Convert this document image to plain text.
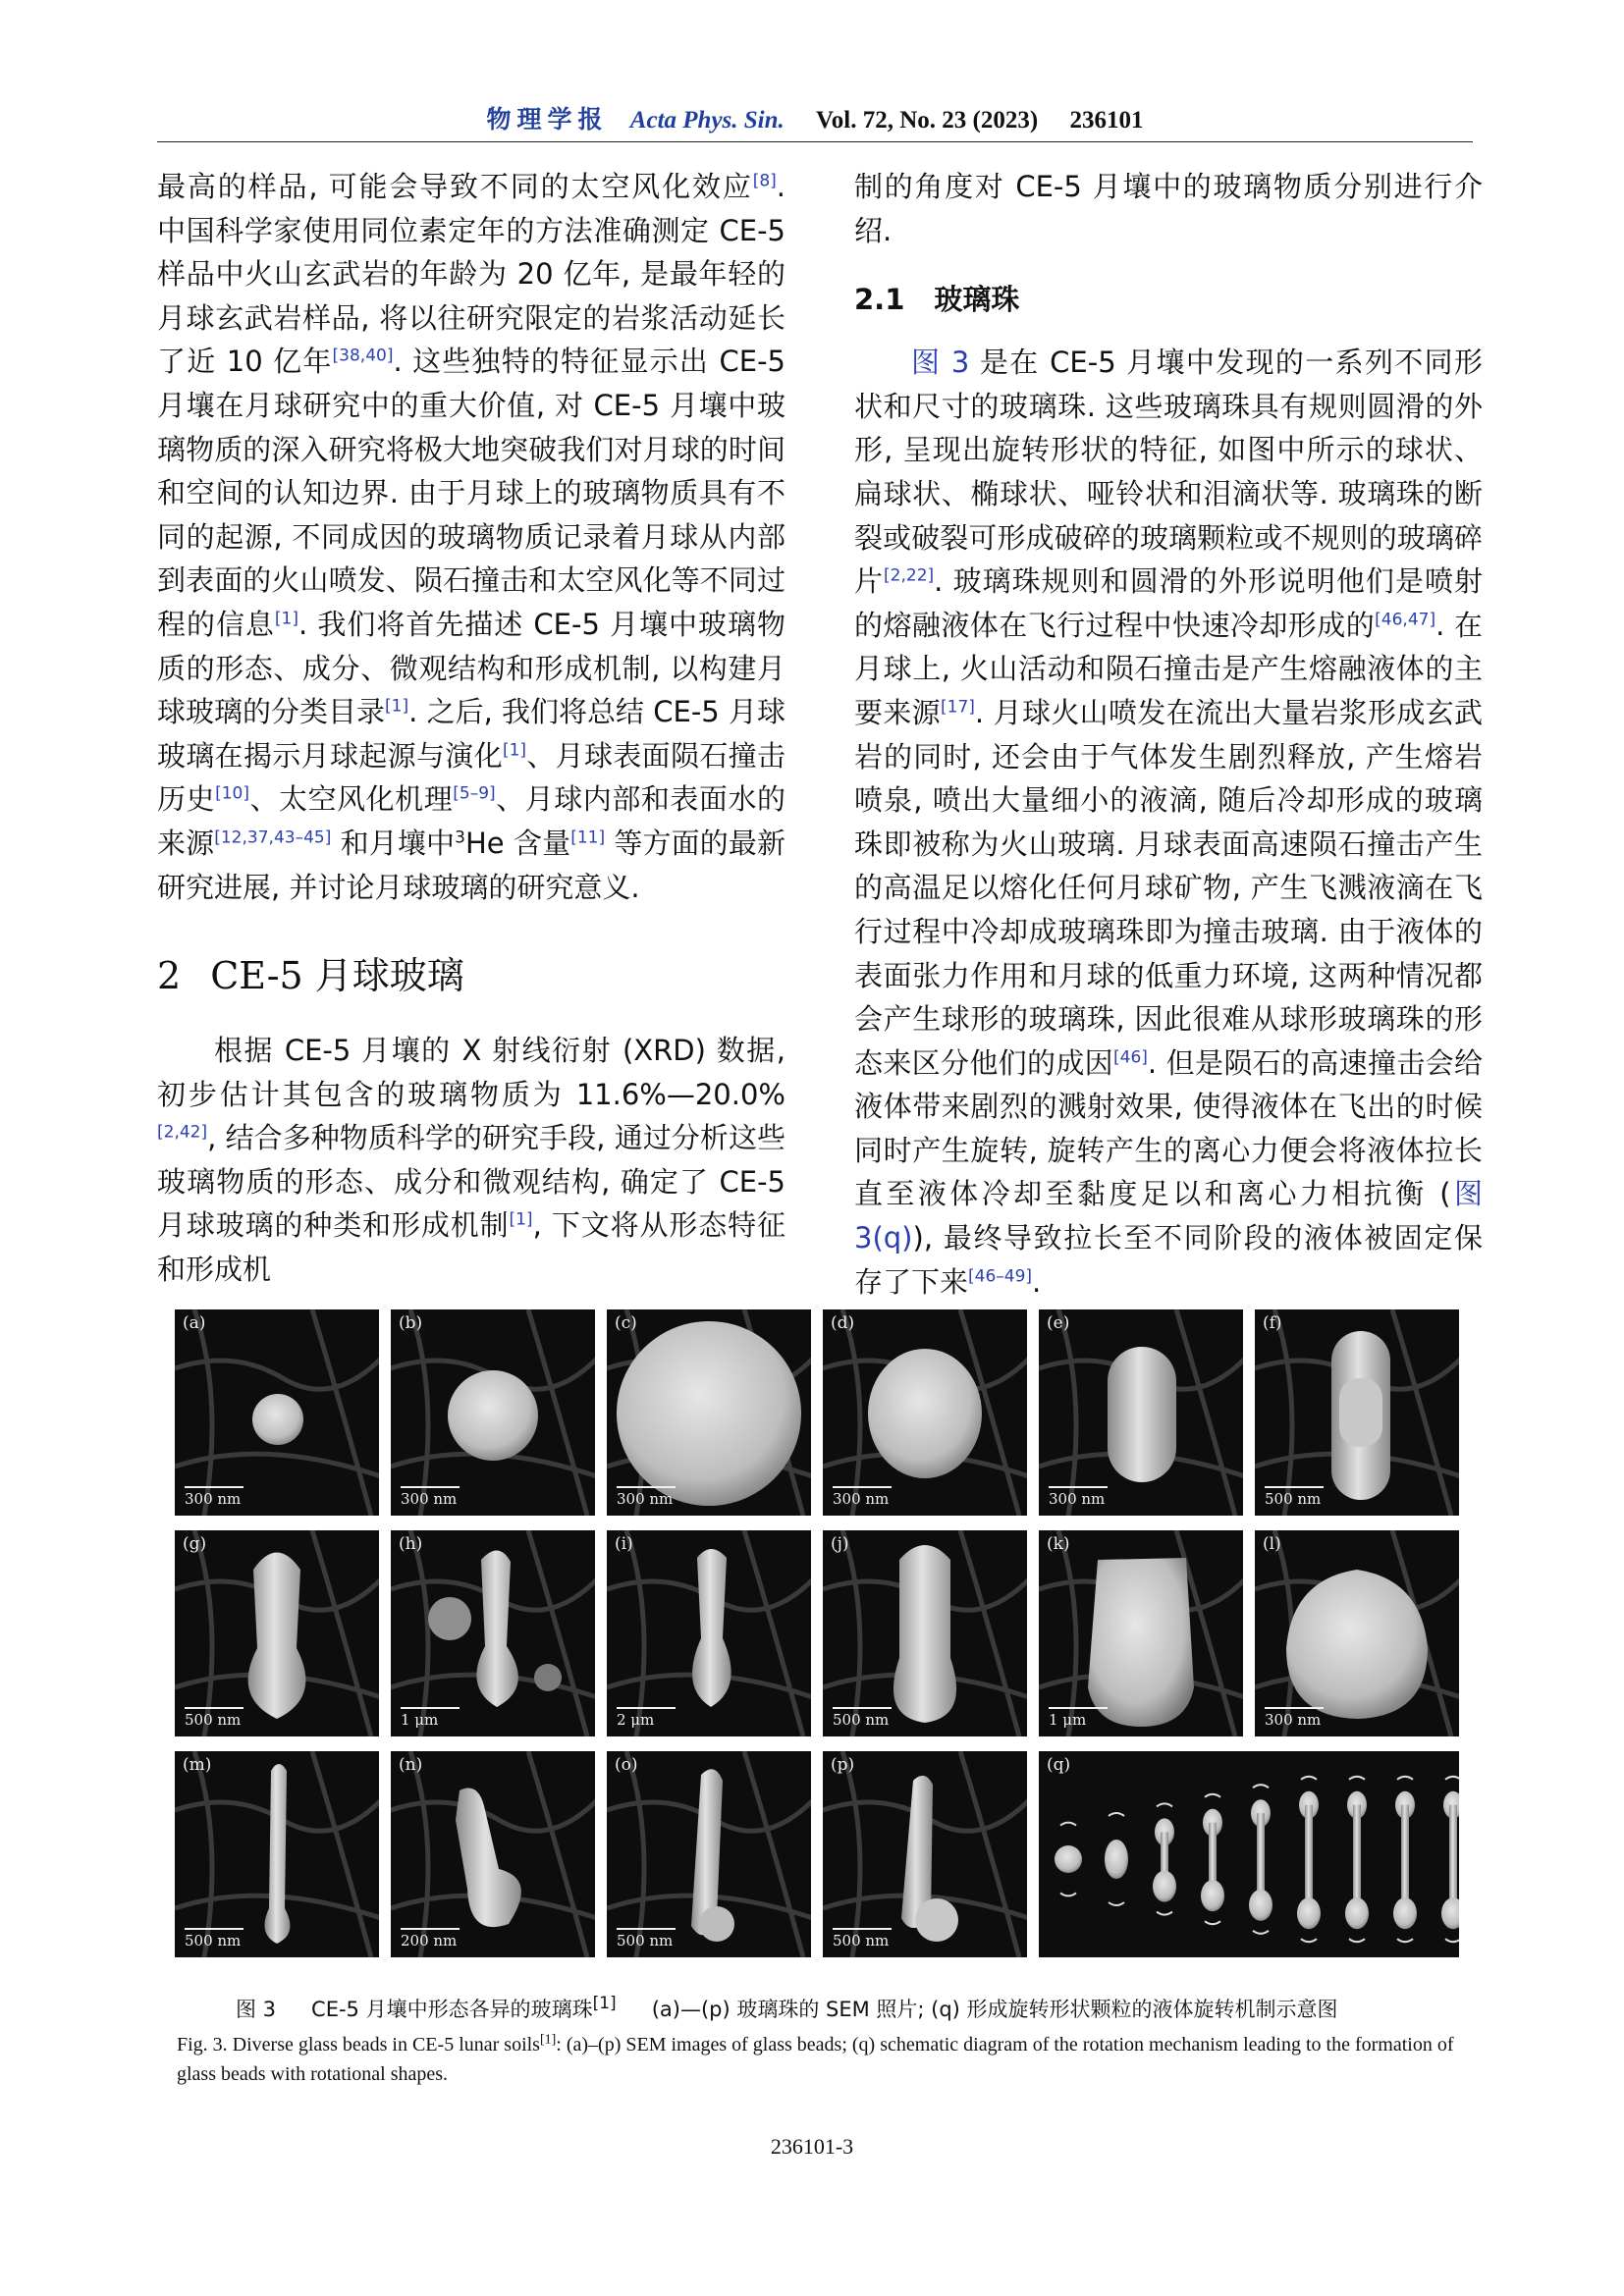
物理学报 Acta Phys. Sin. Vol. 72, No. 23 (2023) 236101

最高的样品, 可能会导致不同的太空风化效应[8]. 中国科学家使用同位素定年的方法准确测定 CE-5 样品中火山玄武岩的年龄为 20 亿年, 是最年轻的月球玄武岩样品, 将以往研究限定的岩浆活动延长了近 10 亿年[38,40]. 这些独特的特征显示出 CE-5 月壤在月球研究中的重大价值, 对 CE-5 月壤中玻璃物质的深入研究将极大地突破我们对月球的时间和空间的认知边界. 由于月球上的玻璃物质具有不同的起源, 不同成因的玻璃物质记录着月球从内部到表面的火山喷发、陨石撞击和太空风化等不同过程的信息[1]. 我们将首先描述 CE-5 月壤中玻璃物质的形态、成分、微观结构和形成机制, 以构建月球玻璃的分类目录[1]. 之后, 我们将总结 CE-5 月球玻璃在揭示月球起源与演化[1]、月球表面陨石撞击历史[10]、太空风化机理[5–9]、月球内部和表面水的来源[12,37,43–45] 和月壤中$^3$He 含量[11] 等方面的最新研究进展, 并讨论月球玻璃的研究意义.

2 CE-5 月球玻璃

根据 CE-5 月壤的 X 射线衍射 (XRD) 数据, 初步估计其包含的玻璃物质为 11.6%—20.0%[2,42], 结合多种物质科学的研究手段, 通过分析这些玻璃物质的形态、成分和微观结构, 确定了 CE-5 月球玻璃的种类和形成机制[1], 下文将从形态特征和形成机

制的角度对 CE-5 月壤中的玻璃物质分别进行介绍.

2.1 玻璃珠

图 3 是在 CE-5 月壤中发现的一系列不同形状和尺寸的玻璃珠. 这些玻璃珠具有规则圆滑的外形, 呈现出旋转形状的特征, 如图中所示的球状、扁球状、椭球状、哑铃状和泪滴状等. 玻璃珠的断裂或破裂可形成破碎的玻璃颗粒或不规则的玻璃碎片[2,22]. 玻璃珠规则和圆滑的外形说明他们是喷射的熔融液体在飞行过程中快速冷却形成的[46,47]. 在月球上, 火山活动和陨石撞击是产生熔融液体的主要来源[17]. 月球火山喷发在流出大量岩浆形成玄武岩的同时, 还会由于气体发生剧烈释放, 产生熔岩喷泉, 喷出大量细小的液滴, 随后冷却形成的玻璃珠即被称为火山玻璃. 月球表面高速陨石撞击产生的高温足以熔化任何月球矿物, 产生飞溅液滴在飞行过程中冷却成玻璃珠即为撞击玻璃. 由于液体的表面张力作用和月球的低重力环境, 这两种情况都会产生球形的玻璃珠, 因此很难从球形玻璃珠的形态来区分他们的成因[46]. 但是陨石的高速撞击会给液体带来剧烈的溅射效果, 使得液体在飞出的时候同时产生旋转, 旋转产生的离心力便会将液体拉长直至液体冷却至黏度足以和离心力相抗衡 (图 3(q)), 最终导致拉长至不同阶段的液体被固定保存了下来[46–49].

(a)
300 nm
(b)
300 nm
(c)
300 nm
(d)
300 nm
(e)
300 nm
(f)
500 nm
(g)
500 nm
(h)
1 μm
(i)
2 μm
(j)
500 nm
(k)
1 μm
(l)
300 nm
(m)
500 nm
(n)
200 nm
(o)
500 nm
(p)
500 nm
(q)
图 3 CE-5 月壤中形态各异的玻璃珠[1] (a)—(p) 玻璃珠的 SEM 照片; (q) 形成旋转形状颗粒的液体旋转机制示意图
Fig. 3. Diverse glass beads in CE-5 lunar soils[1]: (a)–(p) SEM images of glass beads; (q) schematic diagram of the rotation mechanism leading to the formation of glass beads with rotational shapes.
236101-3
